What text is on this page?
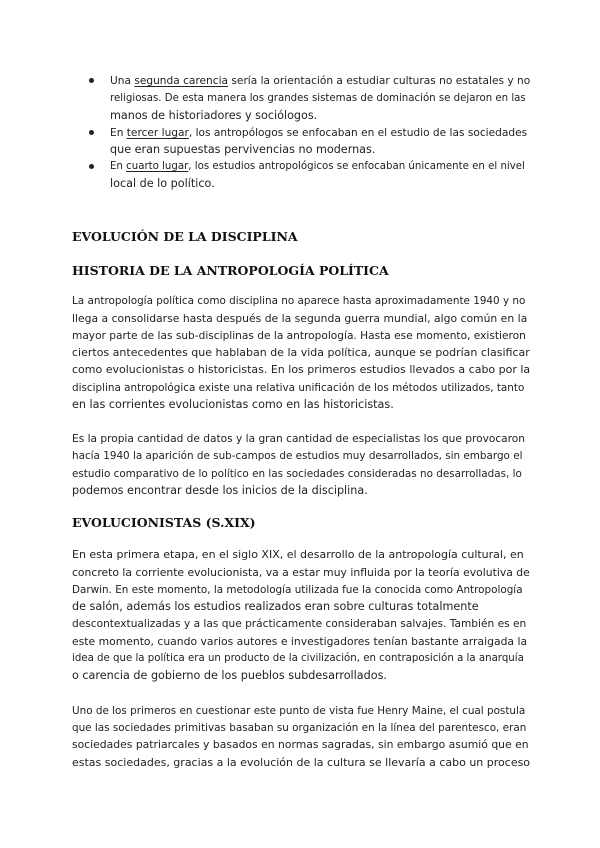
Una segunda carencia sería la orientación a estudiar culturas no estatales y no
religiosas. De esta manera los grandes sistemas de dominación se dejaron en las
manos de historiadores y sociólogos.
En tercer lugar, los antropólogos se enfocaban en el estudio de las sociedades
que eran supuestas pervivencias no modernas.
En cuarto lugar, los estudios antropológicos se enfocaban únicamente en el nivel
local de lo político.
EVOLUCIÓN DE LA DISCIPLINA
HISTORIA DE LA ANTROPOLOGÍA POLÍTICA
La antropología política como disciplina no aparece hasta aproximadamente 1940 y no
llega a consolidarse hasta después de la segunda guerra mundial, algo común en la
mayor parte de las sub-disciplinas de la antropología. Hasta ese momento, existieron
ciertos antecedentes que hablaban de la vida política, aunque se podrían clasificar
como evolucionistas o historicistas. En los primeros estudios llevados a cabo por la
disciplina antropológica existe una relativa unificación de los métodos utilizados, tanto
en las corrientes evolucionistas como en las historicistas.
Es la propia cantidad de datos y la gran cantidad de especialistas los que provocaron
hacía 1940 la aparición de sub-campos de estudios muy desarrollados, sin embargo el
estudio comparativo de lo político en las sociedades consideradas no desarrolladas, lo
podemos encontrar desde los inicios de la disciplina.
EVOLUCIONISTAS (S.XIX)
En esta primera etapa, en el siglo XIX, el desarrollo de la antropología cultural, en
concreto la corriente evolucionista, va a estar muy influida por la teoría evolutiva de
Darwin. En este momento, la metodología utilizada fue la conocida como Antropología
de salón, además los estudios realizados eran sobre culturas totalmente
descontextualizadas y a las que prácticamente consideraban salvajes. También es en
este momento, cuando varios autores e investigadores tenían bastante arraigada la
idea de que la política era un producto de la civilización, en contraposición a la anarquía
o carencia de gobierno de los pueblos subdesarrollados.
Uno de los primeros en cuestionar este punto de vista fue Henry Maine, el cual postula
que las sociedades primitivas basaban su organización en la línea del parentesco, eran
sociedades patriarcales y basados en normas sagradas, sin embargo asumió que en
estas sociedades, gracias a la evolución de la cultura se llevaría a cabo un proceso
